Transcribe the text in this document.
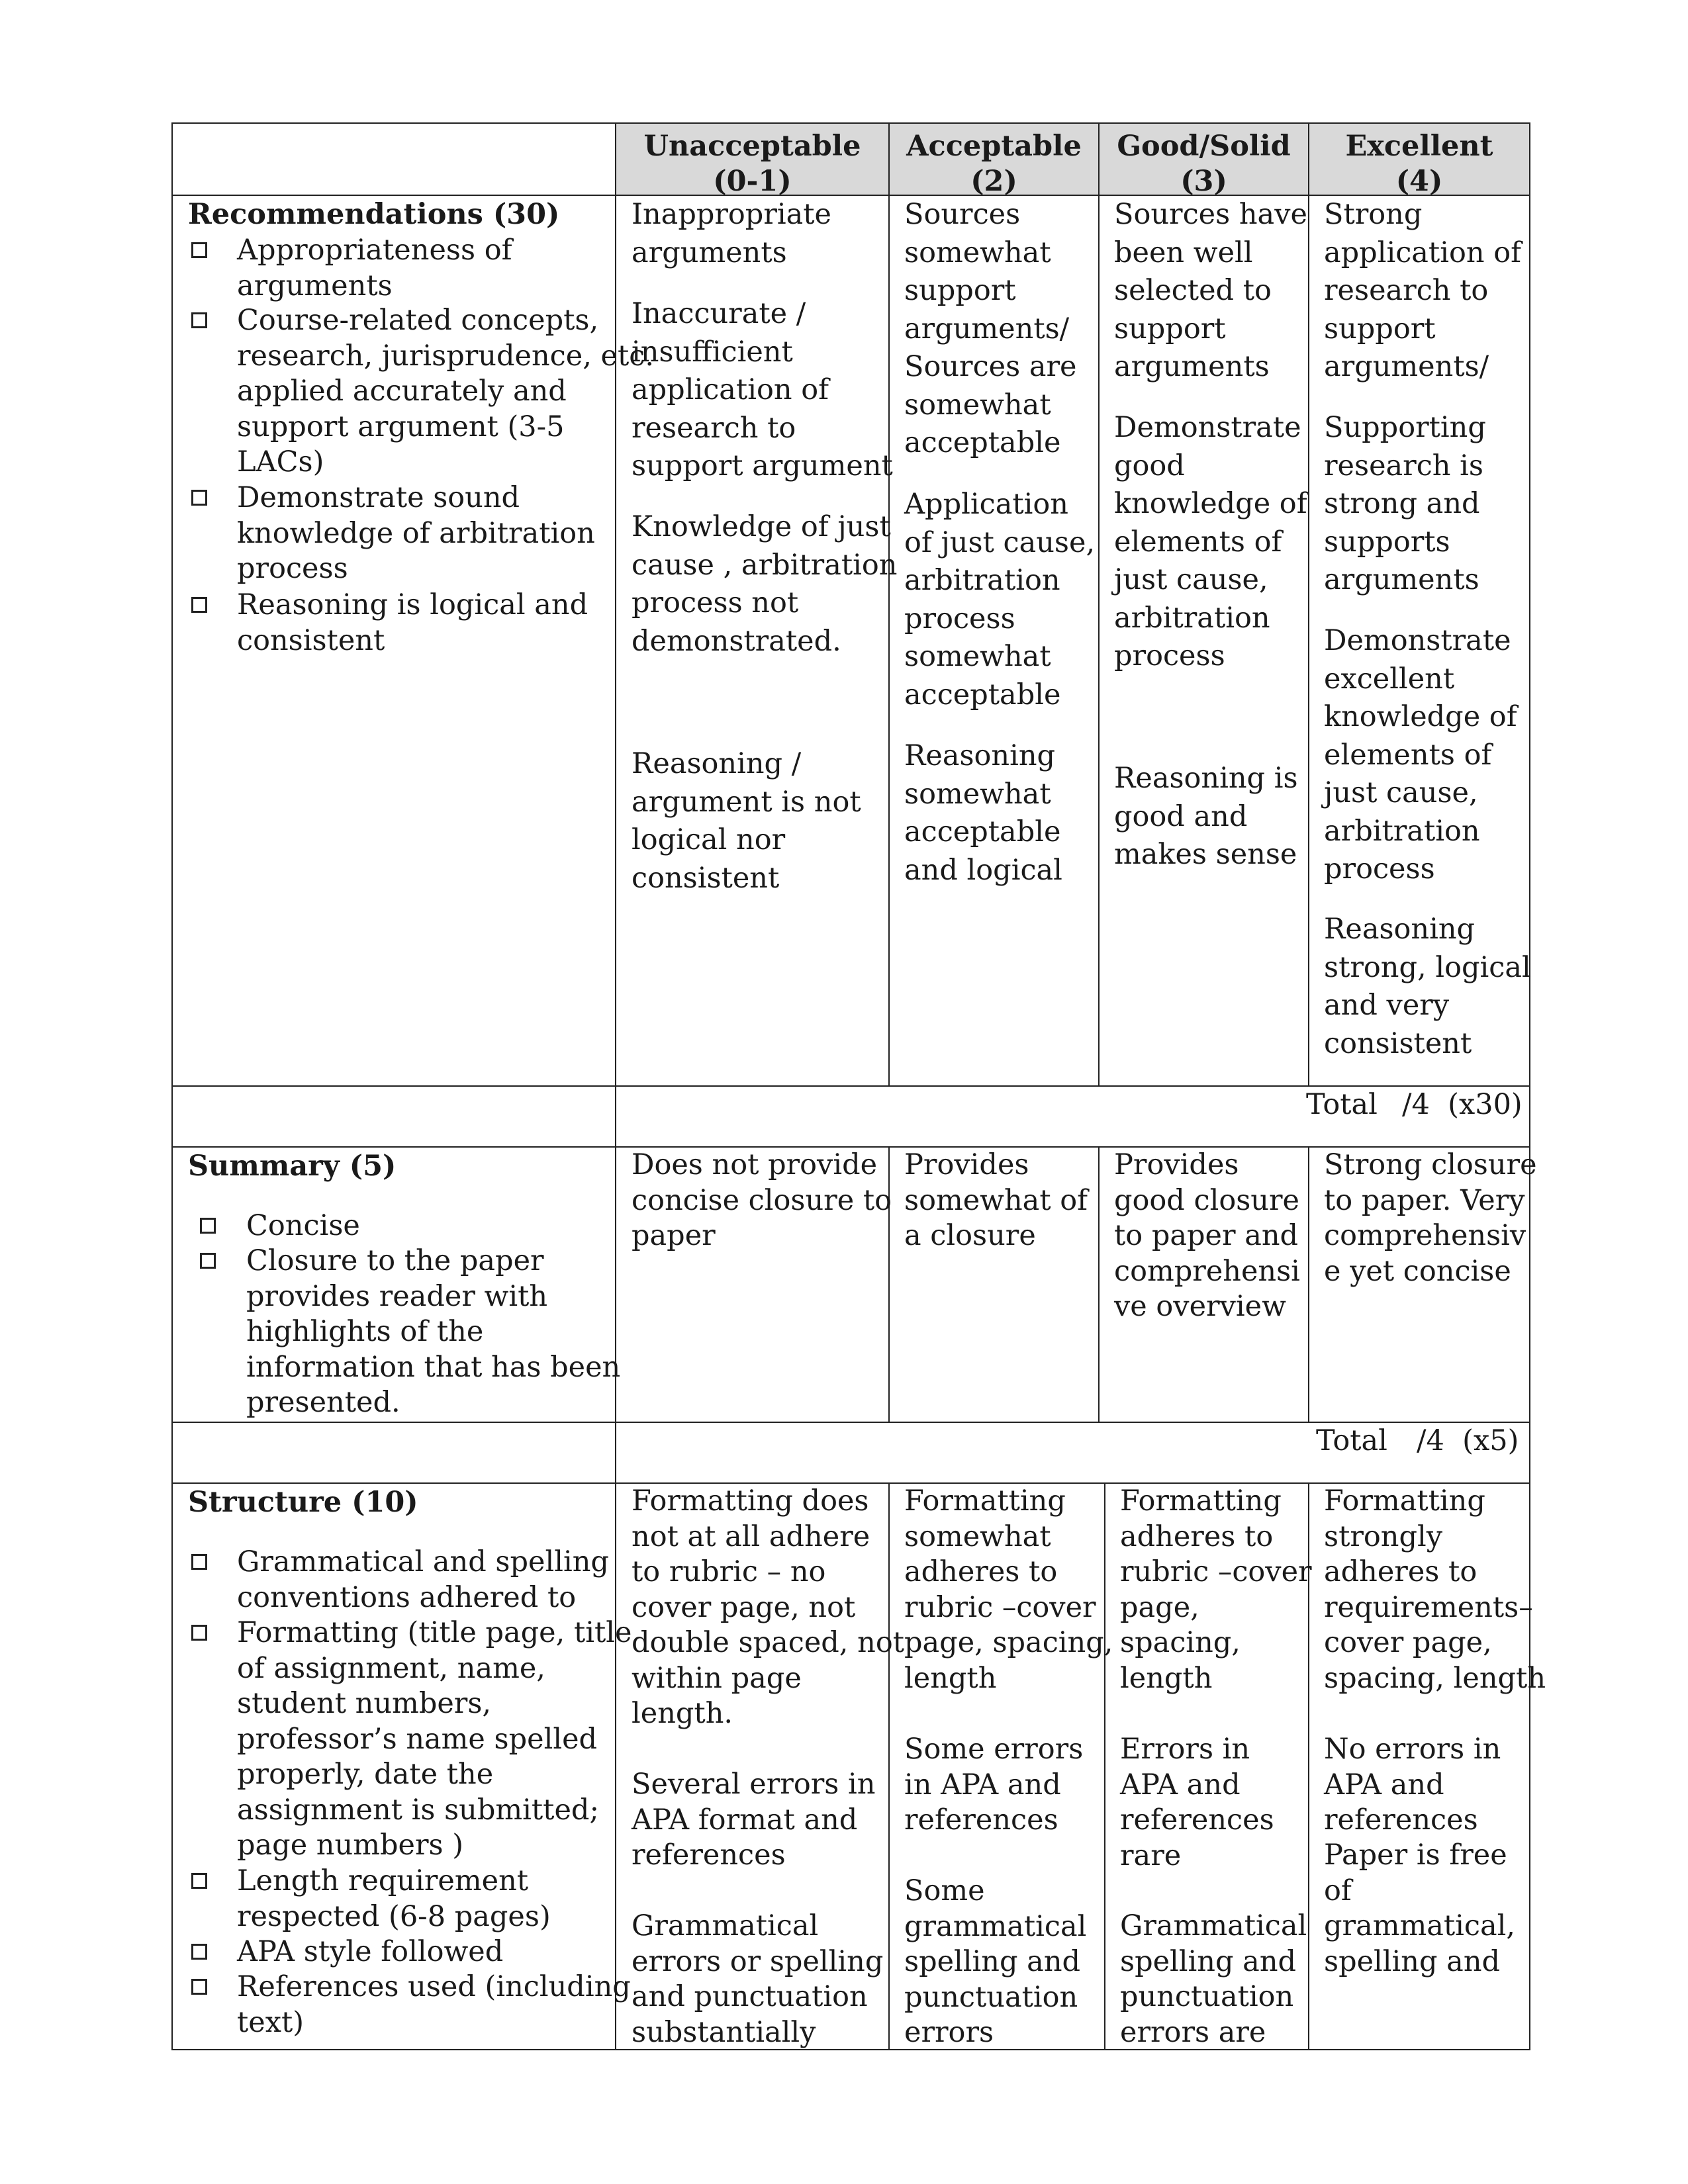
Unacceptable
(0-1)
Acceptable
(2)
Good/Solid
(3)
Excellent
(4)
Recommendations (30)
Appropriateness of
arguments
Course-related concepts,
research, jurisprudence, etc.
applied accurately and
support argument (3-5
LACs)
Demonstrate sound
knowledge of arbitration
process
Reasoning is logical and
consistent
Inappropriate
arguments
Inaccurate /
insufficient
application of
research to
support argument
Knowledge of just
cause , arbitration
process not
demonstrated.
Reasoning /
argument is not
logical nor
consistent
Sources
somewhat
support
arguments/
Sources are
somewhat
acceptable
Application
of just cause,
arbitration
process
somewhat
acceptable
Reasoning
somewhat
acceptable
and logical
Sources have
been well
selected to
support
arguments
Demonstrate
good
knowledge of
elements of
just cause,
arbitration
process
Reasoning is
good and
makes sense
Strong
application of
research to
support
arguments/
Supporting
research is
strong and
supports
arguments
Demonstrate
excellent
knowledge of
elements of
just cause,
arbitration
process
Reasoning
strong, logical
and very
consistent
Total /4  (x30)
Summary (5)
Concise
Closure to the paper
provides reader with
highlights of the
information that has been
presented.
Does not provide
concise closure to
paper
Provides
somewhat of
a closure
Provides
good closure
to paper and
comprehensi
ve overview
Strong closure
to paper. Very
comprehensiv
e yet concise
Total /4  (x5)
Structure (10)
Grammatical and spelling
conventions adhered to
Formatting (title page, title
of assignment, name,
student numbers,
professor’s name spelled
properly, date the
assignment is submitted;
page numbers )
Length requirement
respected (6-8 pages)
APA style followed
References used (including
text)
Formatting does
not at all adhere
to rubric – no
cover page, not
double spaced, not
within page
length.
Several errors in
APA format and
references
Grammatical
errors or spelling
and punctuation
substantially
Formatting
somewhat
adheres to
rubric –cover
page, spacing,
length
Some errors
in APA and
references
Some
grammatical
spelling and
punctuation
errors
Formatting
adheres to
rubric –cover
page,
spacing,
length
Errors in
APA and
references
rare
Grammatical
spelling and
punctuation
errors are
Formatting
strongly
adheres to
requirements–
cover page,
spacing, length
No errors in
APA and
references
Paper is free
of
grammatical,
spelling and
